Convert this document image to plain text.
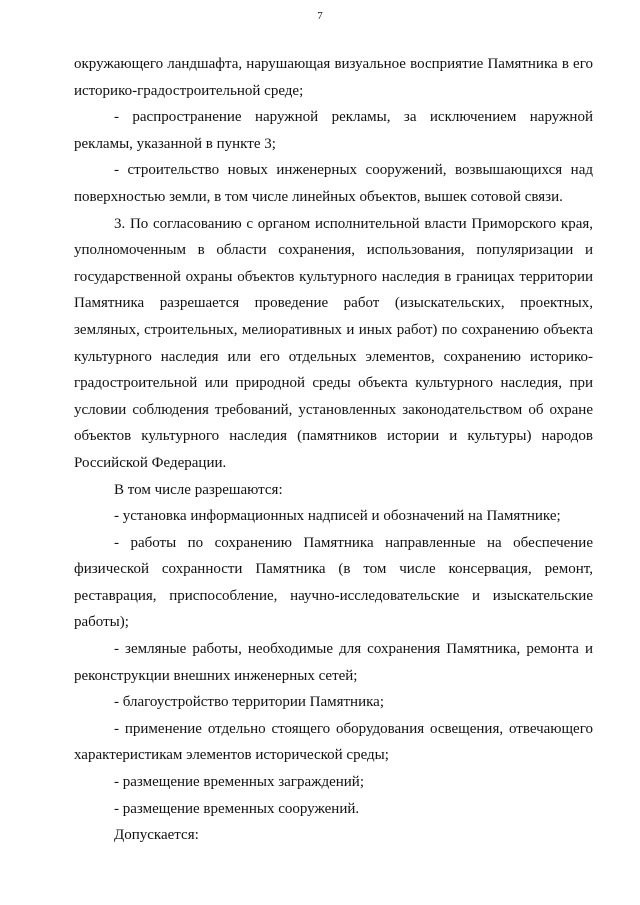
7

окружающего ландшафта, нарушающая визуальное восприятие Памятника в его историко-градостроительной среде;

- распространение наружной рекламы, за исключением наружной рекламы, указанной в пункте 3;

- строительство новых инженерных сооружений, возвышающихся над поверхностью земли, в том числе линейных объектов, вышек сотовой связи.

3. По согласованию с органом исполнительной власти Приморского края, уполномоченным в области сохранения, использования, популяризации и государственной охраны объектов культурного наследия в границах территории Памятника разрешается проведение работ (изыскательских, проектных, земляных, строительных, мелиоративных и иных работ) по сохранению объекта культурного наследия или его отдельных элементов, сохранению историко-градостроительной или природной среды объекта культурного наследия, при условии соблюдения требований, установленных законодательством об охране объектов культурного наследия (памятников истории и культуры) народов Российской Федерации.

В том числе разрешаются:

- установка информационных надписей и обозначений на Памятнике;

- работы по сохранению Памятника направленные на обеспечение физической сохранности Памятника (в том числе консервация, ремонт, реставрация, приспособление, научно-исследовательские и изыскательские работы);

- земляные работы, необходимые для сохранения Памятника, ремонта и реконструкции внешних инженерных сетей;

- благоустройство территории Памятника;

- применение отдельно стоящего оборудования освещения, отвечающего характеристикам элементов исторической среды;

- размещение временных заграждений;

- размещение временных сооружений.

Допускается:
